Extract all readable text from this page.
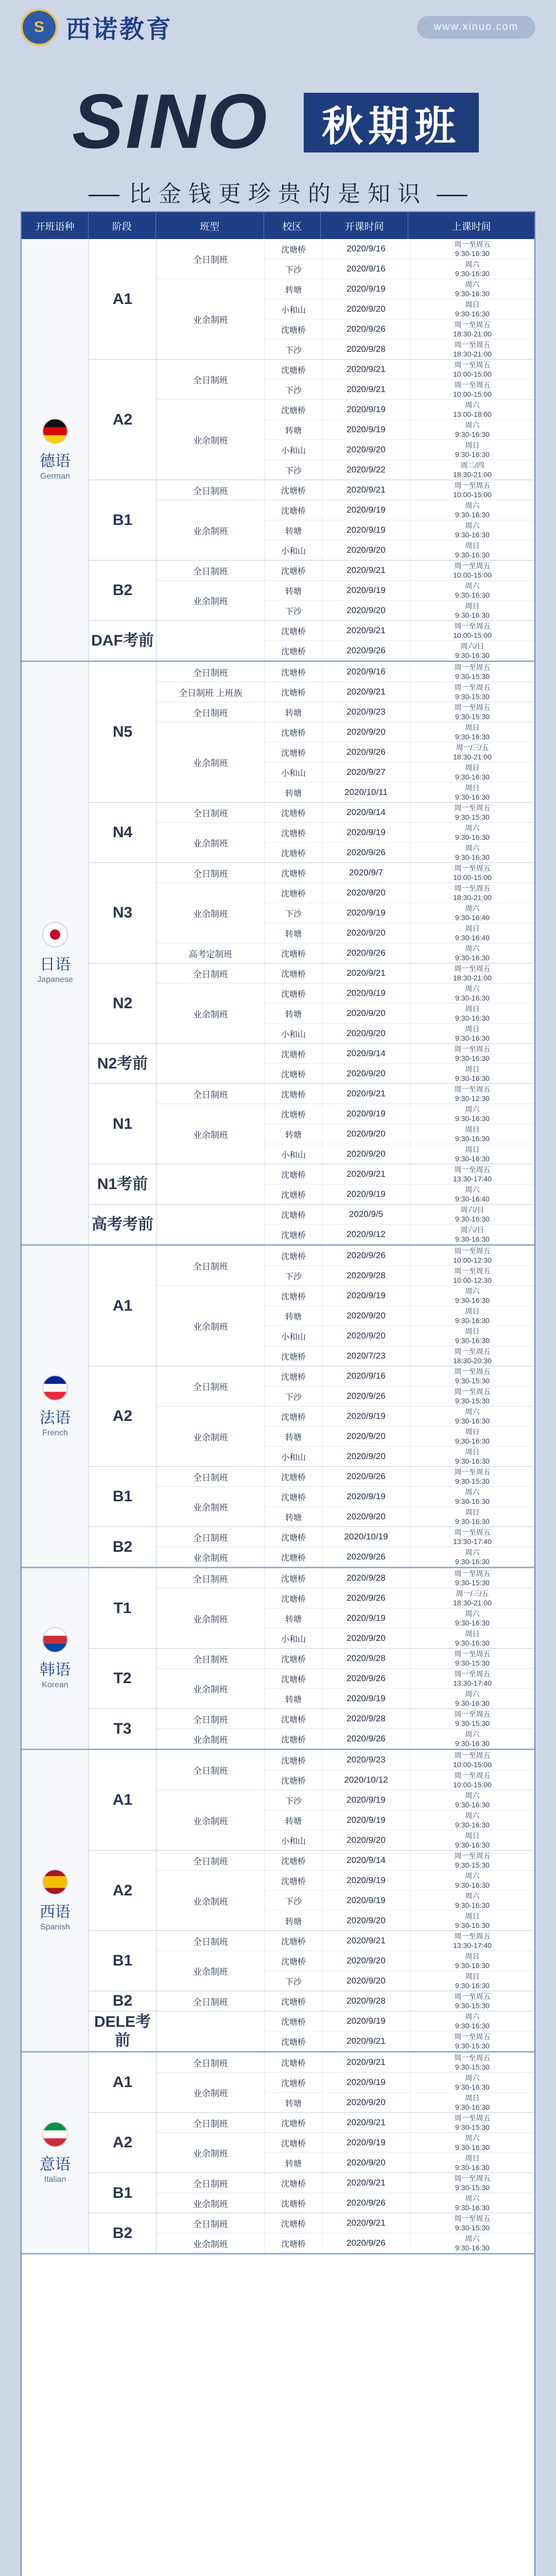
S 西诺教育	www.xinuo.com
SINO	秋期班
比金钱更珍贵的是知识
开班语种	阶段	班型	校区	开课时间	上课时间
德语
German
A1
全日制班
沈塘桥	2020/9/16	周一至周五
9:30-16:30
下沙	2020/9/16	周六
9:30-16:30
业余制班
转塘	2020/9/19	周六
9:30-16:30
小和山	2020/9/20	周日
9:30-16:30
沈塘桥	2020/9/26	周一至周五
18:30-21:00
下沙	2020/9/28	周一至周五
18:30-21:00
A2
全日制班
沈塘桥	2020/9/21	周一至周五
10:00-15:00
下沙	2020/9/21	周一至周五
10:00-15:00
业余制班
沈塘桥	2020/9/19	周六
13:00-18:00
转塘	2020/9/19	周六
9:30-16:30
小和山	2020/9/20	周日
9:30-16:30
下沙	2020/9/22	周二/四
18:30-21:00
B1
全日制班	沈塘桥	2020/9/21	周一至周五
10:00-15:00
业余制班
沈塘桥	2020/9/19	周六
9:30-16:30
转塘	2020/9/19	周六
9:30-16:30
小和山	2020/9/20	周日
9:30-16:30
B2
全日制班	沈塘桥	2020/9/21	周一至周五
10:00-15:00
业余制班
转塘	2020/9/19	周六
9:30-16:30
下沙	2020/9/20	周日
9:30-16:30
DAF考前
沈塘桥	2020/9/21	周一至周五
10:00-15:00
沈塘桥	2020/9/26	周六/日
9:30-16:30
日语
Japanese
N5
全日制班	沈塘桥	2020/9/16	周一至周五
9:30-15:30
全日制班 上班族	沈塘桥	2020/9/21	周一至周五
9:30-15:30
全日制班	转塘	2020/9/23	周一至周五
9:30-15:30
业余制班
沈塘桥	2020/9/20	周日
9:30-16:30
沈塘桥	2020/9/26	周一/三/五
18:30-21:00
小和山	2020/9/27	周日
9:30-16:30
转塘	2020/10/11	周日
9:30-16:30
N4
全日制班	沈塘桥	2020/9/14	周一至周五
9:30-15:30
业余制班
沈塘桥	2020/9/19	周六
9:30-16:30
沈塘桥	2020/9/26	周六
9:30-16:30
N3
全日制班	沈塘桥	2020/9/7	周一至周五
10:00-15:00
业余制班
沈塘桥	2020/9/20	周一至周五
18:30-21:00
下沙	2020/9/19	周六
9:30-16:40
转塘	2020/9/20	周日
9:30-16:40
高考定制班	沈塘桥	2020/9/26	周六
9:30-16:30
N2
全日制班	沈塘桥	2020/9/21	周一至周五
18:30-21:00
业余制班
沈塘桥	2020/9/19	周六
9:30-16:30
转塘	2020/9/20	周日
9:30-16:30
小和山	2020/9/20	周日
9:30-16:30
N2考前
沈塘桥	2020/9/14	周一至周五
9:30-16:30
沈塘桥	2020/9/20	周日
9:30-16:30
N1
全日制班	沈塘桥	2020/9/21	周一至周五
9:30-12:30
业余制班
沈塘桥	2020/9/19	周六
9:30-16:30
转塘	2020/9/20	周日
9:30-16:30
小和山	2020/9/20	周日
9:30-16:30
N1考前
沈塘桥	2020/9/21	周一至周五
13:30-17:40
沈塘桥	2020/9/19	周六
9:30-16:40
高考考前
沈塘桥	2020/9/5	周六/日
9:30-16:30
沈塘桥	2020/9/12	周六/日
9:30-16:30
法语
French
A1
全日制班
沈塘桥	2020/9/26	周一至周五
10:00-12:30
下沙	2020/9/28	周一至周五
10:00-12:30
业余制班
沈塘桥	2020/9/19	周六
9:30-16:30
转塘	2020/9/20	周日
9:30-16:30
小和山	2020/9/20	周日
9:30-16:30
沈塘桥	2020/7/23	周一至周五
18:30-20:30
A2
全日制班
沈塘桥	2020/9/16	周一至周五
9:30-15:30
下沙	2020/9/26	周一至周五
9:30-15:30
业余制班
沈塘桥	2020/9/19	周六
9:30-16:30
转塘	2020/9/20	周日
9:30-16:30
小和山	2020/9/20	周日
9:30-16:30
B1
全日制班	沈塘桥	2020/9/26	周一至周五
9:30-15:30
业余制班
沈塘桥	2020/9/19	周六
9:30-16:30
转塘	2020/9/20	周日
9:30-16:30
B2
全日制班	沈塘桥	2020/10/19	周一至周五
13:30-17:40
业余制班	沈塘桥	2020/9/26	周六
9:30-16:30
韩语
Korean
T1
全日制班	沈塘桥	2020/9/28	周一至周五
9:30-15:30
业余制班
沈塘桥	2020/9/26	周一/三/五
18:30-21:00
转塘	2020/9/19	周六
9:30-16:30
小和山	2020/9/20	周日
9:30-16:30
T2
全日制班	沈塘桥	2020/9/28	周一至周五
9:30-15:30
业余制班
沈塘桥	2020/9/26	周一至周五
13:30-17:40
转塘	2020/9/19	周六
9:30-16:30
T3
全日制班	沈塘桥	2020/9/28	周一至周五
9:30-15:30
业余制班	沈塘桥	2020/9/26	周六
9:30-16:30
西语
Spanish
A1
全日制班
沈塘桥	2020/9/23	周一至周五
10:00-15:00
沈塘桥	2020/10/12	周一至周五
10:00-15:00
业余制班
下沙	2020/9/19	周六
9:30-16:30
转塘	2020/9/19	周六
9:30-16:30
小和山	2020/9/20	周日
9:30-16:30
A2
全日制班	沈塘桥	2020/9/14	周一至周五
9:30-15:30
业余制班
沈塘桥	2020/9/19	周六
9:30-16:30
下沙	2020/9/19	周六
9:30-16:30
转塘	2020/9/20	周日
9:30-16:30
B1
全日制班	沈塘桥	2020/9/21	周一至周五
13:30-17:40
业余制班
沈塘桥	2020/9/20	周日
9:30-16:30
下沙	2020/9/20	周日
9:30-16:30
B2	全日制班	沈塘桥	2020/9/28	周一至周五
9:30-15:30
DELE考前
沈塘桥	2020/9/19	周六
9:30-16:30
沈塘桥	2020/9/21	周一至周五
9:30-15:30
意语
Italian
A1
全日制班	沈塘桥	2020/9/21	周一至周五
9:30-15:30
业余制班
沈塘桥	2020/9/19	周六
9:30-16:30
转塘	2020/9/20	周日
9:30-16:30
A2
全日制班	沈塘桥	2020/9/21	周一至周五
9:30-15:30
业余制班
沈塘桥	2020/9/19	周六
9:30-16:30
转塘	2020/9/20	周日
9:30-16:30
B1
全日制班	沈塘桥	2020/9/21	周一至周五
9:30-15:30
业余制班	沈塘桥	2020/9/26	周六
9:30-16:30
B2
全日制班	沈塘桥	2020/9/21	周一至周五
9:30-15:30
业余制班	沈塘桥	2020/9/26	周六
9:30-16:30
